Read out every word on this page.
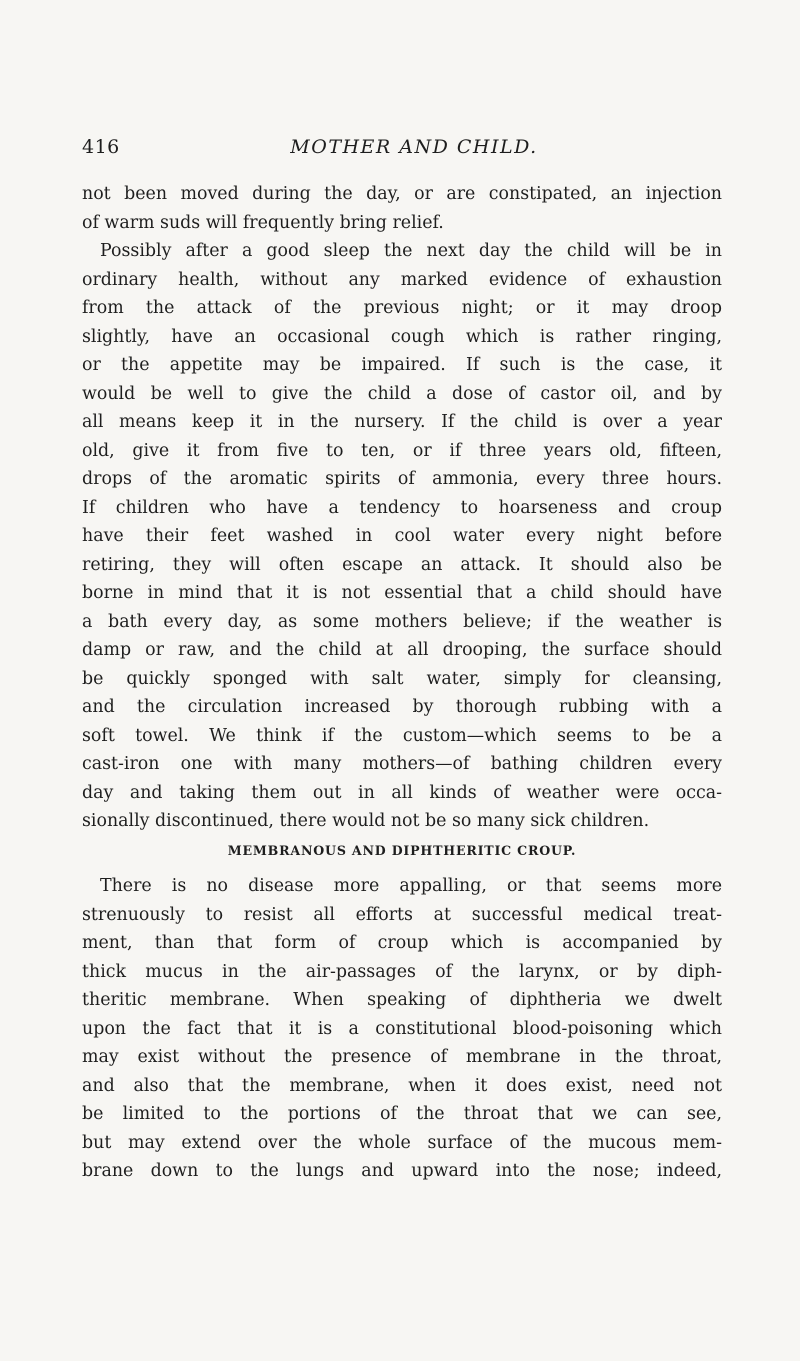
416	MOTHER AND CHILD.
not been moved during the day, or are constipated, an injection
of warm suds will frequently bring relief.
Possibly after a good sleep the next day the child will be in
ordinary health, without any marked evidence of exhaustion
from the attack of the previous night; or it may droop
slightly, have an occasional cough which is rather ringing,
or the appetite may be impaired. If such is the case, it
would be well to give the child a dose of castor oil, and by
all means keep it in the nursery. If the child is over a year
old, give it from five to ten, or if three years old, fifteen,
drops of the aromatic spirits of ammonia, every three hours.
If children who have a tendency to hoarseness and croup
have their feet washed in cool water every night before
retiring, they will often escape an attack. It should also be
borne in mind that it is not essential that a child should have
a bath every day, as some mothers believe; if the weather is
damp or raw, and the child at all drooping, the surface should
be quickly sponged with salt water, simply for cleansing,
and the circulation increased by thorough rubbing with a
soft towel. We think if the custom—which seems to be a
cast-iron one with many mothers—of bathing children every
day and taking them out in all kinds of weather were occa-
sionally discontinued, there would not be so many sick children.
MEMBRANOUS AND DIPHTHERITIC CROUP.
There is no disease more appalling, or that seems more
strenuously to resist all efforts at successful medical treat-
ment, than that form of croup which is accompanied by
thick mucus in the air-passages of the larynx, or by diph-
theritic membrane. When speaking of diphtheria we dwelt
upon the fact that it is a constitutional blood-poisoning which
may exist without the presence of membrane in the throat,
and also that the membrane, when it does exist, need not
be limited to the portions of the throat that we can see,
but may extend over the whole surface of the mucous mem-
brane down to the lungs and upward into the nose; indeed,
